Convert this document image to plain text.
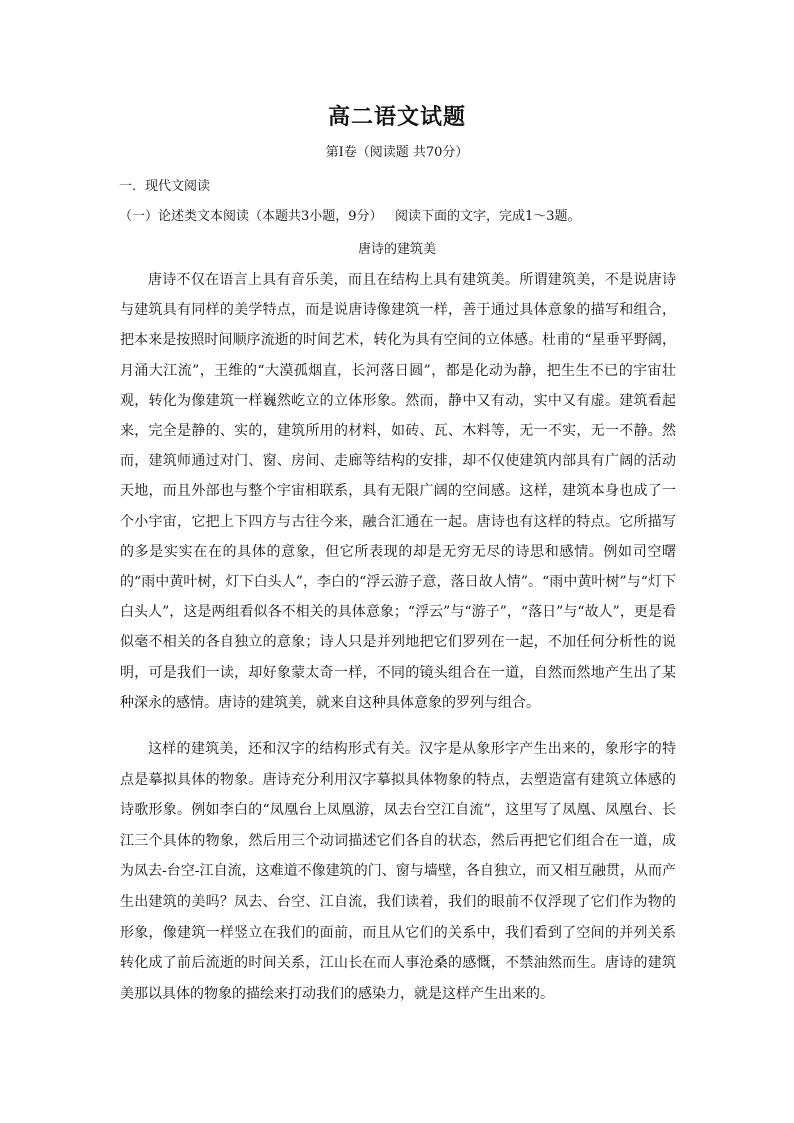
高二语文试题
第Ⅰ卷（阅读题 共70分）
一．现代文阅读
（一）论述类文本阅读（本题共3小题，9分）   阅读下面的文字，完成1～3题。
唐诗的建筑美
唐诗不仅在语言上具有音乐美，而且在结构上具有建筑美。所谓建筑美，不是说唐诗与建筑具有同样的美学特点，而是说唐诗像建筑一样，善于通过具体意象的描写和组合，把本来是按照时间顺序流逝的时间艺术，转化为具有空间的立体感。杜甫的“星垂平野阔，月涌大江流”，王维的“大漠孤烟直，长河落日圆”，都是化动为静，把生生不已的宇宙壮观，转化为像建筑一样巍然屹立的立体形象。然而，静中又有动，实中又有虚。建筑看起来，完全是静的、实的，建筑所用的材料，如砖、瓦、木料等，无一不实，无一不静。然而，建筑师通过对门、窗、房间、走廊等结构的安排，却不仅使建筑内部具有广阔的活动天地，而且外部也与整个宇宙相联系，具有无限广阔的空间感。这样，建筑本身也成了一个小宇宙，它把上下四方与古往今来，融合汇通在一起。唐诗也有这样的特点。它所描写的多是实实在在的具体的意象，但它所表现的却是无穷无尽的诗思和感情。例如司空曙的“雨中黄叶树，灯下白头人”，李白的“浮云游子意，落日故人情”。“雨中黄叶树”与“灯下白头人”，这是两组看似各不相关的具体意象；“浮云”与“游子”，“落日”与“故人”，更是看似毫不相关的各自独立的意象；诗人只是并列地把它们罗列在一起，不加任何分析性的说明，可是我们一读，却好象蒙太奇一样，不同的镜头组合在一道，自然而然地产生出了某种深永的感情。唐诗的建筑美，就来自这种具体意象的罗列与组合。
这样的建筑美，还和汉字的结构形式有关。汉字是从象形字产生出来的，象形字的特点是摹拟具体的物象。唐诗充分利用汉字摹拟具体物象的特点，去塑造富有建筑立体感的诗歌形象。例如李白的“凤凰台上凤凰游，凤去台空江自流”，这里写了凤凰、凤凰台、长江三个具体的物象，然后用三个动词描述它们各自的状态，然后再把它们组合在一道，成为凤去-台空-江自流，这难道不像建筑的门、窗与墙壁，各自独立，而又相互融贯，从而产生出建筑的美吗？凤去、台空、江自流，我们读着，我们的眼前不仅浮现了它们作为物的形象，像建筑一样竖立在我们的面前，而且从它们的关系中，我们看到了空间的并列关系转化成了前后流逝的时间关系，江山长在而人事沧桑的感慨，不禁油然而生。唐诗的建筑美那以具体的物象的描绘来打动我们的感染力，就是这样产生出来的。
